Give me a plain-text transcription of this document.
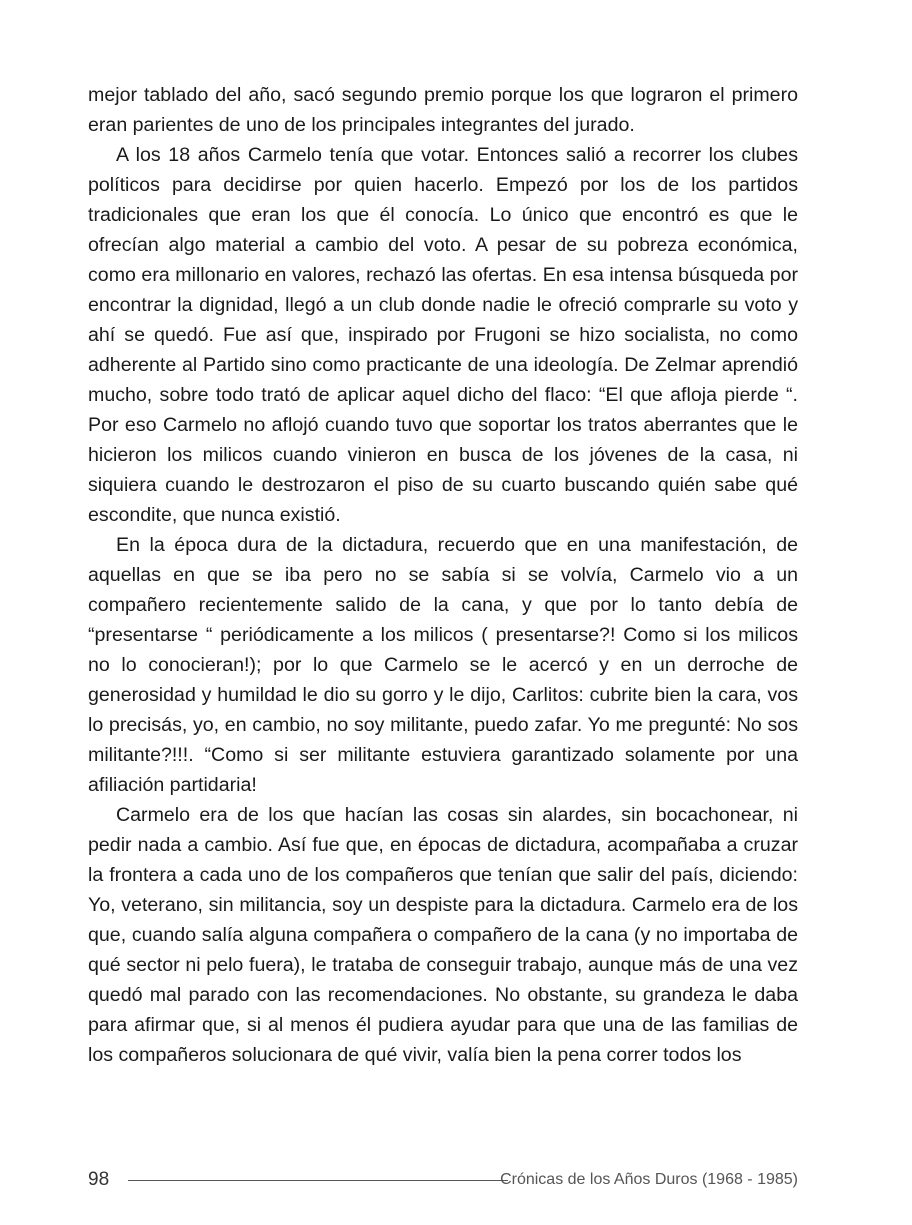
mejor tablado del año, sacó segundo premio porque los que lograron el primero eran parientes de uno de los principales integrantes del jurado.

A los 18 años Carmelo tenía que votar. Entonces salió a recorrer los clubes políticos para decidirse por quien hacerlo. Empezó por los de los partidos tradicionales que eran los que él conocía. Lo único que encontró es que le ofrecían algo material a cambio del voto. A pesar de su pobreza económica, como era millonario en valores, rechazó las ofertas. En esa intensa búsqueda por encontrar la dignidad, llegó a un club donde nadie le ofreció comprarle su voto y ahí se quedó. Fue así que, inspirado por Frugoni se hizo socialista, no como adherente al Partido sino como practicante de una ideología. De Zelmar aprendió mucho, sobre todo trató de aplicar aquel dicho del flaco: “El que afloja pierde “. Por eso Carmelo no aflojó cuando tuvo que soportar los tratos aberrantes que le hicieron los milicos cuando vinieron en busca de los jóvenes de la casa, ni siquiera cuando le destrozaron el piso de su cuarto buscando quién sabe qué escondite, que nunca existió.

En la época dura de la dictadura, recuerdo que en una manifestación, de aquellas en que se iba pero no se sabía si se volvía, Carmelo vio a un compañero recientemente salido de la cana, y que por lo tanto debía de “presentarse “ periódicamente a los milicos ( presentarse?! Como si los milicos no lo conocieran!); por lo que Carmelo se le acercó y en un derroche de generosidad y humildad le dio su gorro y le dijo, Carlitos: cubrite bien la cara, vos lo precisás, yo, en cambio, no soy militante, puedo zafar. Yo me pregunté: No sos militante?!!!. “Como si ser militante estuviera garantizado solamente por una afiliación partidaria!

Carmelo era de los que hacían las cosas sin alardes, sin bocachonear, ni pedir nada a cambio. Así fue que, en épocas de dictadura, acompañaba a cruzar la frontera a cada uno de los compañeros que tenían que salir del país, diciendo: Yo, veterano, sin militancia, soy un despiste para la dictadura. Carmelo era de los que, cuando salía alguna compañera o compañero de la cana (y no importaba de qué sector ni pelo fuera), le trataba de conseguir trabajo, aunque más de una vez quedó mal parado con las recomendaciones. No obstante, su grandeza le daba para afirmar que, si al menos él pudiera ayudar para que una de las familias de los compañeros solucionara de qué vivir, valía bien la pena correr todos los

98	Crónicas de los Años Duros (1968 - 1985)
